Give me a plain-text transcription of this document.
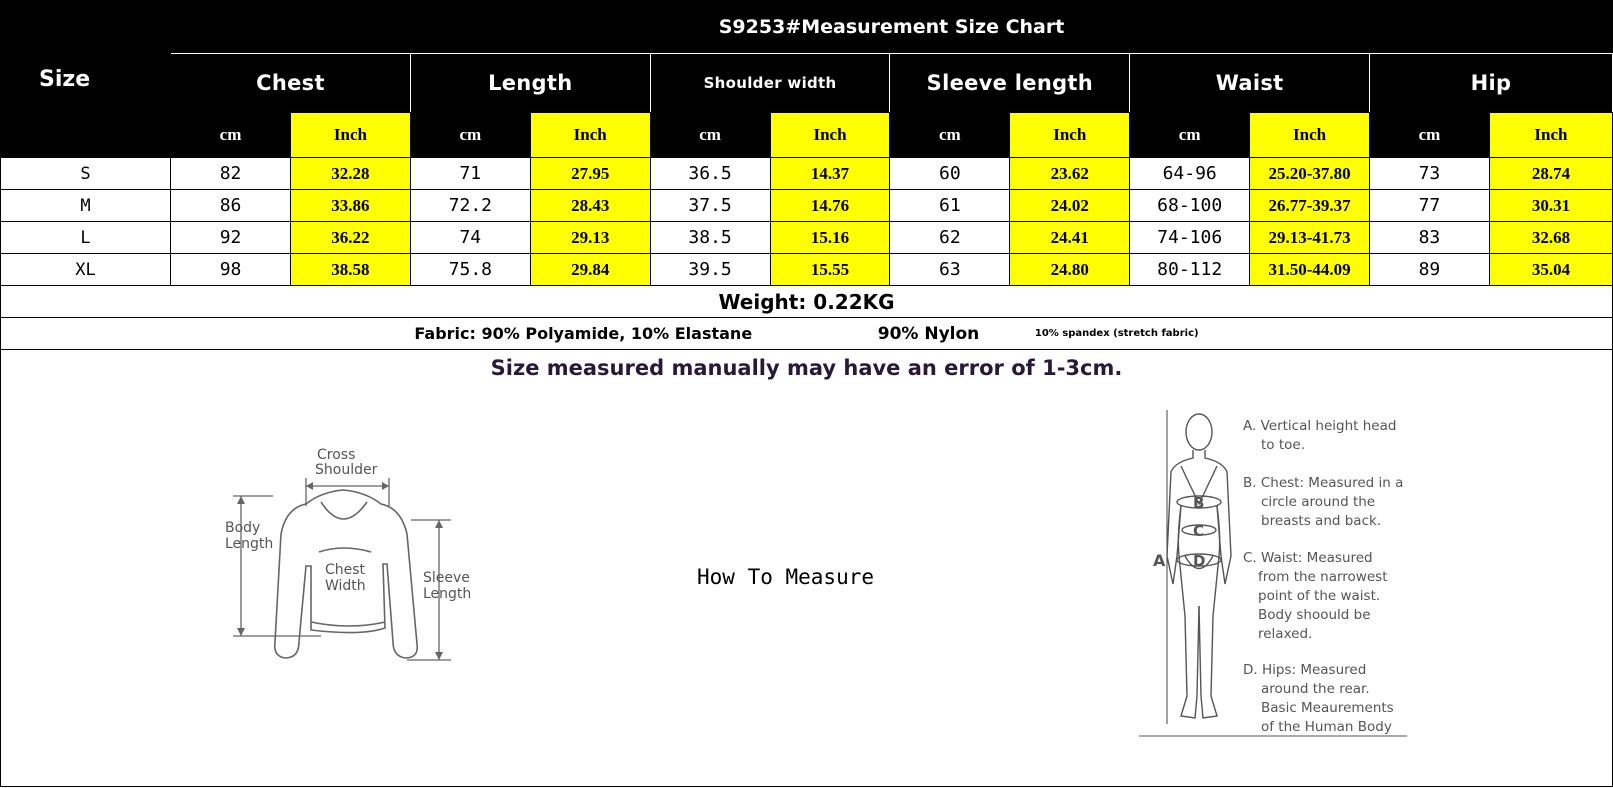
Size	S9253#Measurement Size Chart											
	Chest		Length		Shoulder width		Sleeve length		Waist		Hip	
	cm	Inch	cm	Inch	cm	Inch	cm	Inch	cm	Inch	cm	Inch
S	82	32.28	71	27.95	36.5	14.37	60	23.62	64-96	25.20-37.80	73	28.74
M	86	33.86	72.2	28.43	37.5	14.76	61	24.02	68-100	26.77-39.37	77	30.31
L	92	36.22	74	29.13	38.5	15.16	62	24.41	74-106	29.13-41.73	83	32.68
XL	98	38.58	75.8	29.84	39.5	15.55	63	24.80	80-112	31.50-44.09	89	35.04
Weight: 0.22KG												
Fabric: 90% Polyamide, 10% Elastane 90% Nylon 10% spandex (stretch fabric)												
Size measured manually may have an error of 1-3cm.												
Cross
Shoulder
Body
Length
Chest
Width	Sleeve
Length
How To Measure
A
B
C
D
A. Vertical height head
to toe.
B. Chest: Measured in a
circle around the
breasts and back.
C. Waist: Measured
from the narrowest
point of the waist.
Body shoould be
relaxed.
D. Hips: Measured
around the rear.
Basic Meaurements
of the Human Body
